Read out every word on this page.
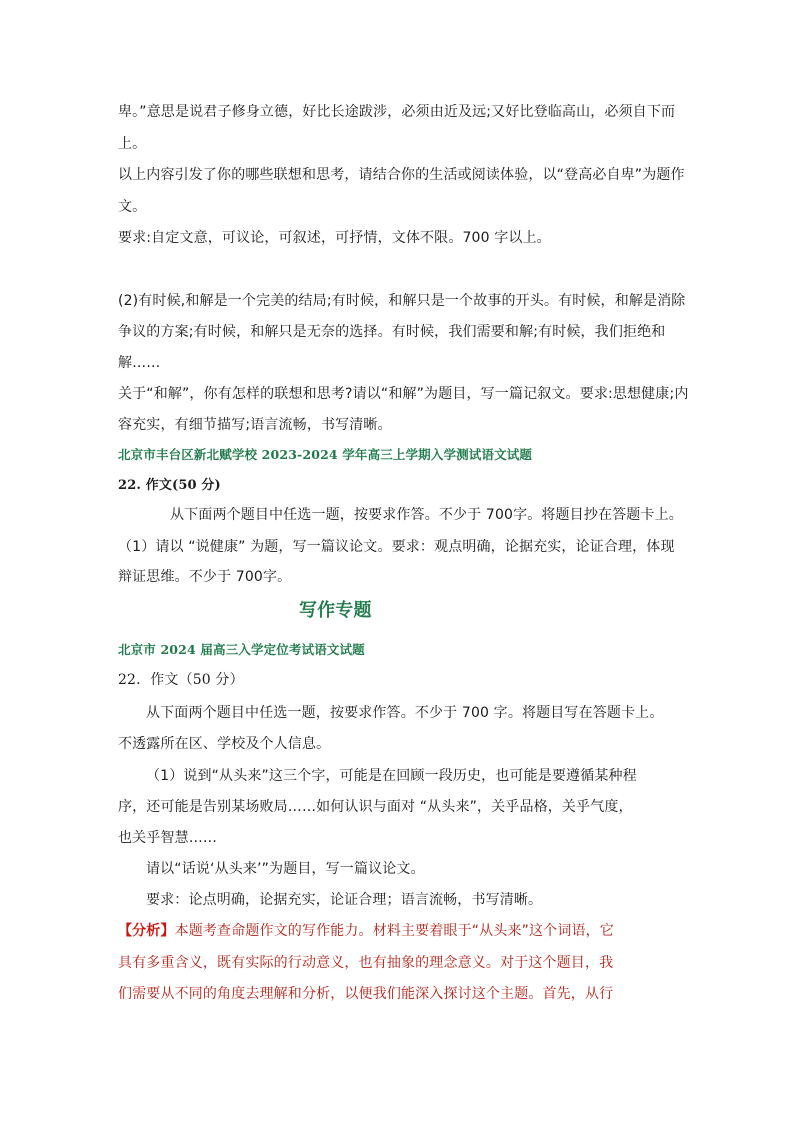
卑。”意思是说君子修身立德，好比长途跋涉，必须由近及远;又好比登临高山，必须自下而
上。
以上内容引发了你的哪些联想和思考，请结合你的生活或阅读体验，以“登高必自卑”为题作
文。
要求:自定文意，可议论，可叙述，可抒情，文体不限。700 字以上。
(2)有时候,和解是一个完美的结局;有时候，和解只是一个故事的开头。有时候，和解是消除
争议的方案;有时候，和解只是无奈的选择。有时候，我们需要和解;有时候，我们拒绝和
解……
关于“和解”，你有怎样的联想和思考?请以“和解”为题目，写一篇记叙文。要求:思想健康;内
容充实，有细节描写;语言流畅，书写清晰。
北京市丰台区新北赋学校 2023-2024 学年高三上学期入学测试语文试题
22. 作文(50 分)
从下面两个题目中任选一题，按要求作答。不少于 700字。将题目抄在答题卡上。
（1）请以 “说健康” 为题，写一篇议论文。要求：观点明确，论据充实，论证合理，体现
辩证思维。不少于 700字。
写作专题
北京市 2024 届高三入学定位考试语文试题
22．作文（50 分）
从下面两个题目中任选一题，按要求作答。不少于 700 字。将题目写在答题卡上。
不透露所在区、学校及个人信息。
（1）说到“从头来”这三个字，可能是在回顾一段历史，也可能是要遵循某种程
序，还可能是告别某场败局……如何认识与面对 “从头来”，关乎品格，关乎气度，
也关乎智慧……
请以“话说‘从头来’”为题目，写一篇议论文。
要求：论点明确，论据充实，论证合理；语言流畅，书写清晰。
【分析】本题考查命题作文的写作能力。材料主要着眼于“从头来”这个词语，它
具有多重含义，既有实际的行动意义，也有抽象的理念意义。对于这个题目，我
们需要从不同的角度去理解和分析，以便我们能深入探讨这个主题。首先，从行
